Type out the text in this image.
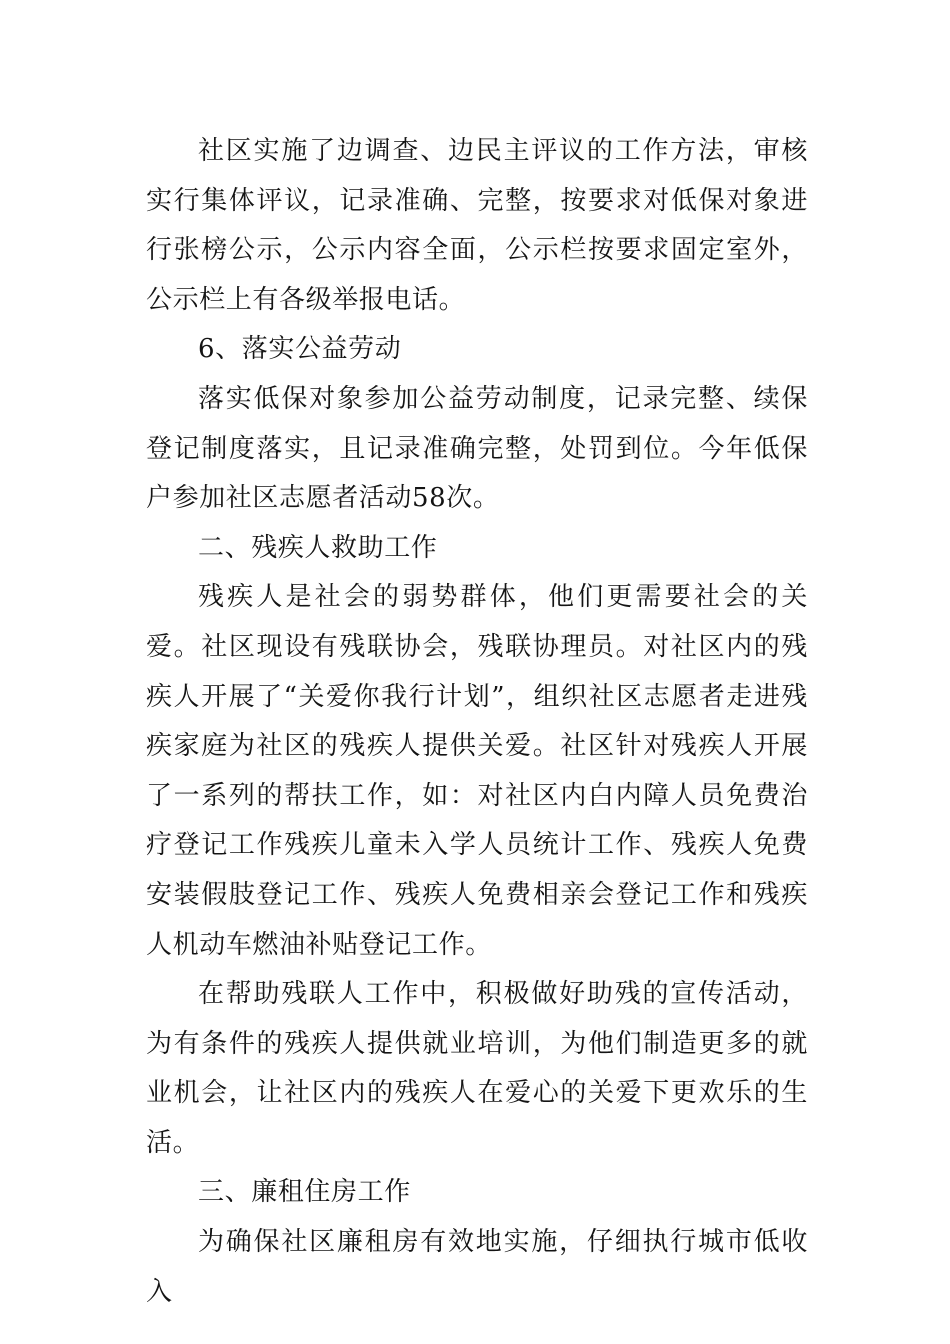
社区实施了边调查、边民主评议的工作方法，审核实行集体评议，记录准确、完整，按要求对低保对象进行张榜公示，公示内容全面，公示栏按要求固定室外，公示栏上有各级举报电话。

6、落实公益劳动

落实低保对象参加公益劳动制度，记录完整、续保登记制度落实，且记录准确完整，处罚到位。今年低保户参加社区志愿者活动58次。

二、残疾人救助工作

残疾人是社会的弱势群体，他们更需要社会的关爱。社区现设有残联协会，残联协理员。对社区内的残疾人开展了“关爱你我行计划”，组织社区志愿者走进残疾家庭为社区的残疾人提供关爱。社区针对残疾人开展了一系列的帮扶工作，如：对社区内白内障人员免费治疗登记工作残疾儿童未入学人员统计工作、残疾人免费安装假肢登记工作、残疾人免费相亲会登记工作和残疾人机动车燃油补贴登记工作。

在帮助残联人工作中，积极做好助残的宣传活动，为有条件的残疾人提供就业培训，为他们制造更多的就业机会，让社区内的残疾人在爱心的关爱下更欢乐的生活。

三、廉租住房工作

为确保社区廉租房有效地实施，仔细执行城市低收入
